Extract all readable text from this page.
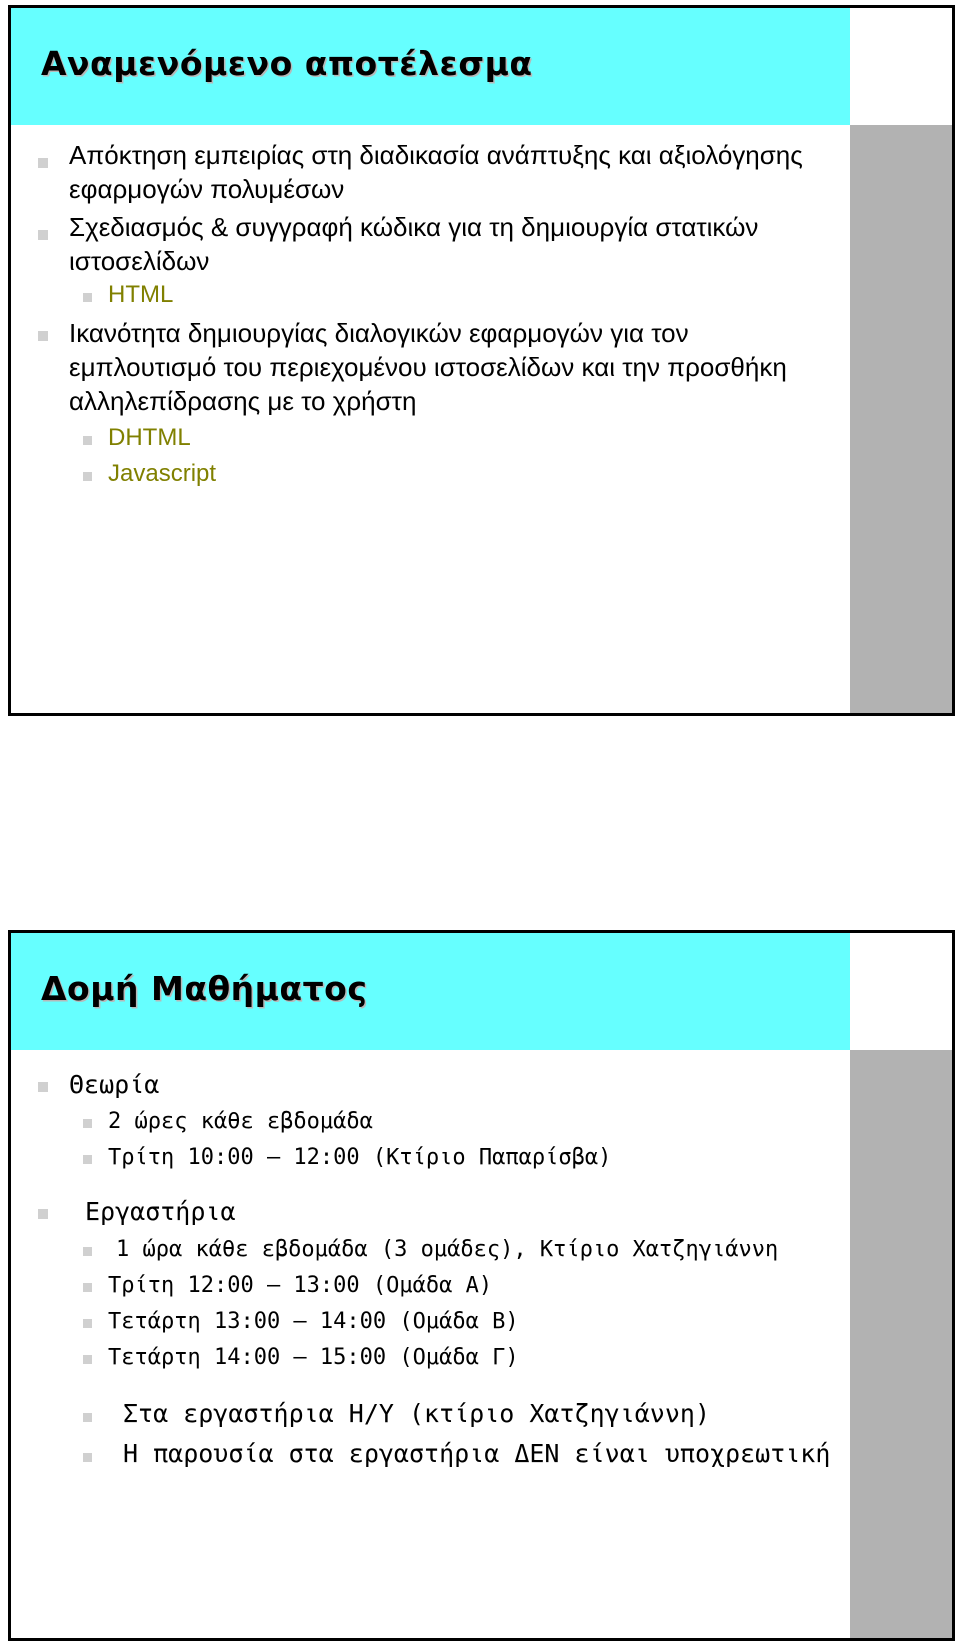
Αναμενόμενο αποτέλεσμα
Απόκτηση εμπειρίας στη διαδικασία ανάπτυξης και αξιολόγησης
εφαρμογών πολυμέσων
Σχεδιασμός & συγγραφή κώδικα για τη δημιουργία στατικών
ιστοσελίδων
HTML
Ικανότητα δημιουργίας διαλογικών εφαρμογών για τον
εμπλουτισμό του περιεχομένου ιστοσελίδων και την προσθήκη
αλληλεπίδρασης με το χρήστη
DHTML
Javascript
Δομή Μαθήματος
Θεωρία
2 ώρες κάθε εβδομάδα
Τρίτη 10:00 – 12:00 (Κτίριο Παπαρίσβα)
Εργαστήρια
1 ώρα κάθε εβδομάδα (3 ομάδες), Κτίριο Χατζηγιάννη
Τρίτη 12:00 – 13:00 (Ομάδα Α)
Τετάρτη 13:00 – 14:00 (Ομάδα Β)
Τετάρτη 14:00 – 15:00 (Ομάδα Γ)
Στα εργαστήρια Η/Υ (κτίριο Χατζηγιάννη)
Η παρουσία στα εργαστήρια ΔΕΝ είναι υποχρεωτική
